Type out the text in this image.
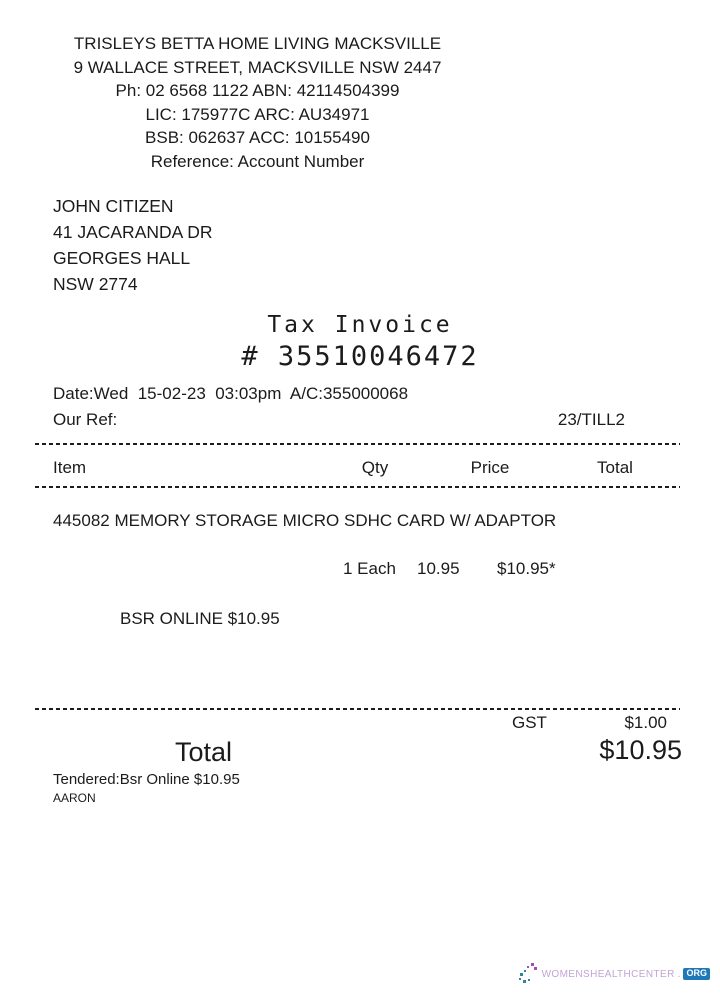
TRISLEYS BETTA HOME LIVING MACKSVILLE
9 WALLACE STREET, MACKSVILLE NSW 2447
Ph: 02 6568 1122 ABN: 42114504399
LIC: 175977C ARC: AU34971
BSB: 062637 ACC: 10155490
Reference: Account Number
JOHN CITIZEN
41 JACARANDA DR
GEORGES HALL
NSW 2774
Tax Invoice
# 35510046472
Date:Wed  15-02-23  03:03pm  A/C:355000068
Our Ref:	23/TILL2
Item	Qty	Price	Total
445082 MEMORY STORAGE MICRO SDHC CARD W/ ADAPTOR
1 Each 10.95 $10.95*
BSR ONLINE $10.95
GST	$1.00
Total	$10.95
Tendered:Bsr Online $10.95
AARON
WOMENSHEALTHCENTER . ORG
